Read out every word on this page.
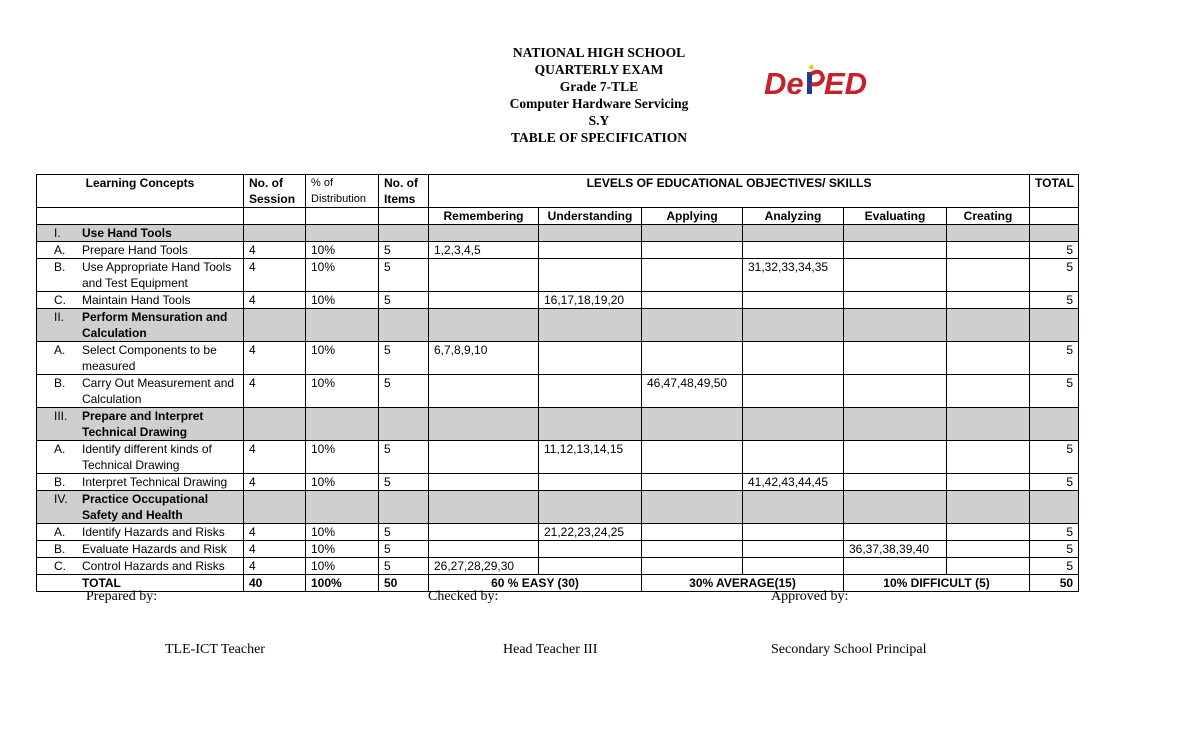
NATIONAL HIGH SCHOOL
QUARTERLY EXAM
Grade 7-TLE
Computer Hardware Servicing
S.Y
TABLE OF SPECIFICATION
De ED
Learning Concepts	No. of Session	% of Distribution	No. of Items	LEVELS OF EDUCATIONAL OBJECTIVES/ SKILLS						TOTAL
				Remembering	Understanding	Applying	Analyzing	Evaluating	Creating	

I. Use Hand Tools										

A. Prepare Hand Tools	4	10%	5	1,2,3,4,5						5

B. Use Appropriate Hand Tools and Test Equipment	4	10%	5				31,32,33,34,35			5

C. Maintain Hand Tools	4	10%	5		16,17,18,19,20					5

II. Perform Mensuration and Calculation										

A. Select Components to be measured	4	10%	5	6,7,8,9,10						5

B. Carry Out Measurement and Calculation	4	10%	5			46,47,48,49,50				5

III. Prepare and Interpret Technical Drawing										

A. Identify different kinds of Technical Drawing	4	10%	5		11,12,13,14,15					5

B. Interpret Technical Drawing	4	10%	5				41,42,43,44,45			5

IV. Practice Occupational Safety and Health										

A. Identify Hazards and Risks	4	10%	5		21,22,23,24,25					5

B. Evaluate Hazards and Risk	4	10%	5					36,37,38,39,40		5

C. Control Hazards and Risks	4	10%	5	26,27,28,29,30						5

TOTAL	40	100%	50	60 % EASY (30)		30% AVERAGE(15)		10% DIFFICULT (5)		50
Prepared by:	Checked by:	Approved by:
TLE-ICT Teacher	Head Teacher III	Secondary School Principal
